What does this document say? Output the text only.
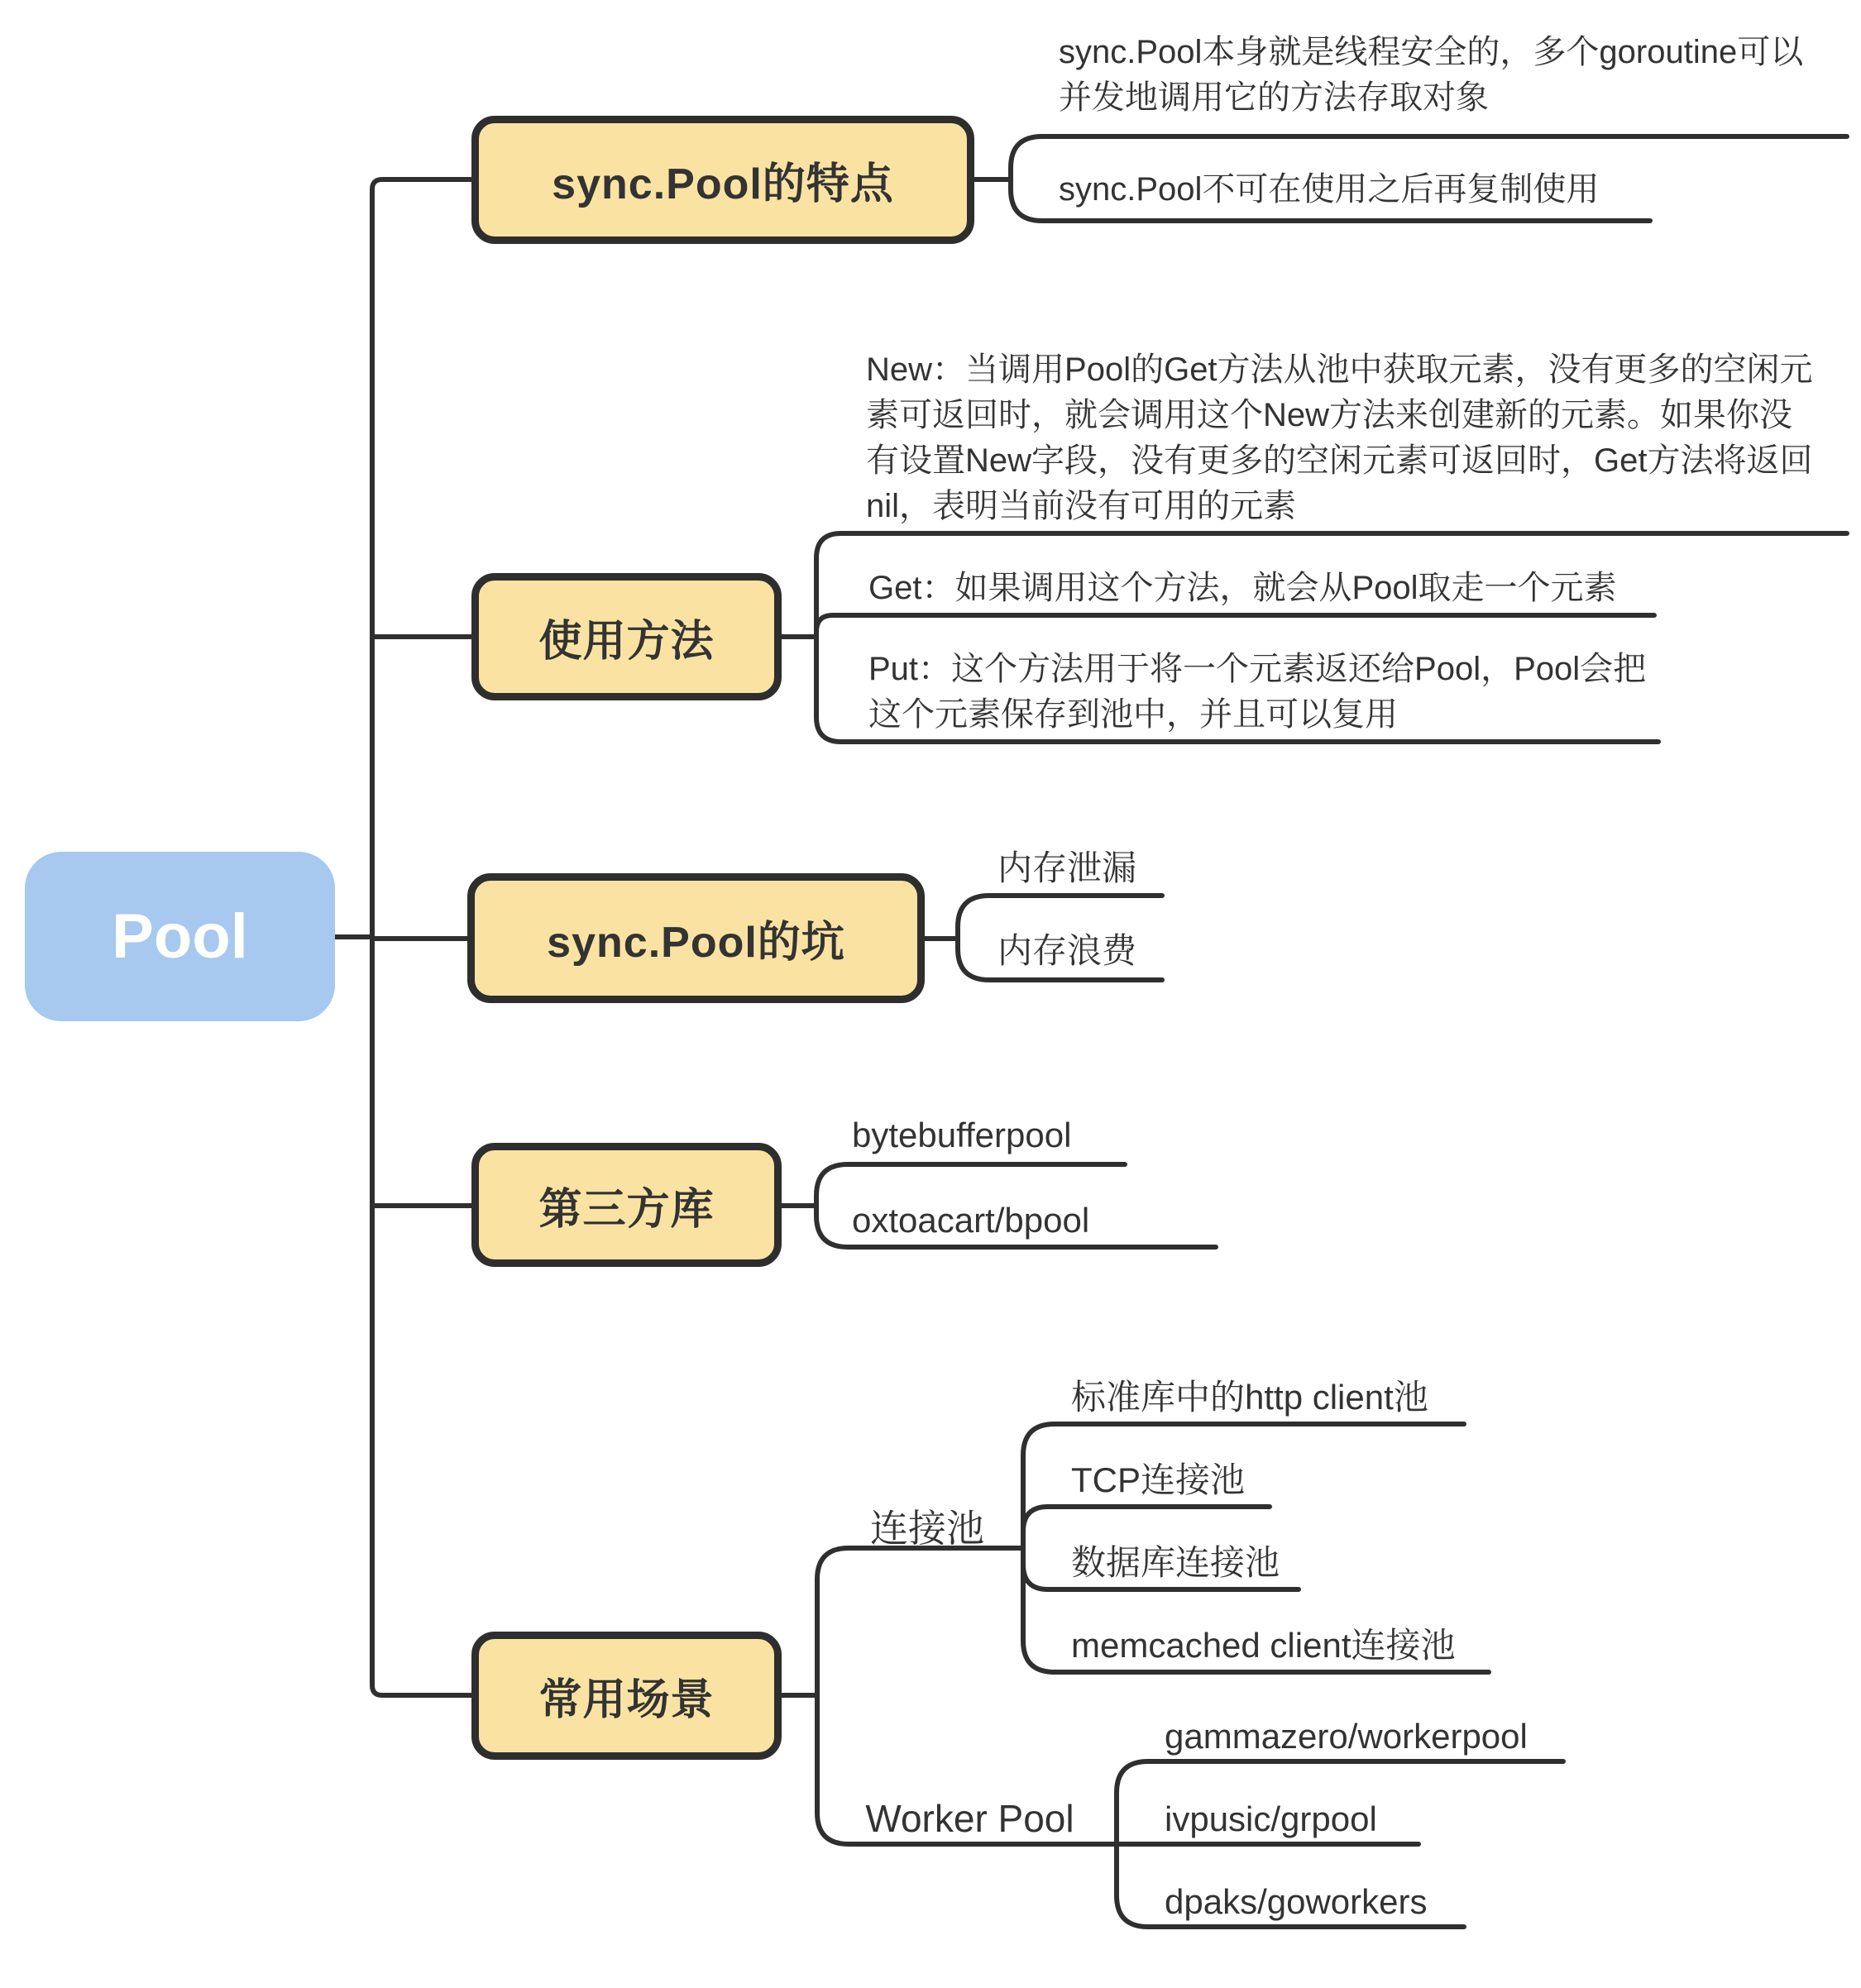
Pool
sync.Pool的特点
使用方法
sync.Pool的坑
第三方库
常用场景
sync.Pool本身就是线程安全的，多个goroutine可以并发地调用它的方法存取对象
sync.Pool不可在使用之后再复制使用
New：当调用Pool的Get方法从池中获取元素，没有更多的空闲元素可返回时，就会调用这个New方法来创建新的元素。如果你没有设置New字段，没有更多的空闲元素可返回时，Get方法将返回nil，表明当前没有可用的元素
Get：如果调用这个方法，就会从Pool取走一个元素
Put：这个方法用于将一个元素返还给Pool，Pool会把这个元素保存到池中，并且可以复用
内存泄漏
内存浪费
bytebufferpool
oxtoacart/bpool
连接池
标准库中的http client池
TCP连接池
数据库连接池
memcached client连接池
Worker Pool
gammazero/workerpool
ivpusic/grpool
dpaks/goworkers
